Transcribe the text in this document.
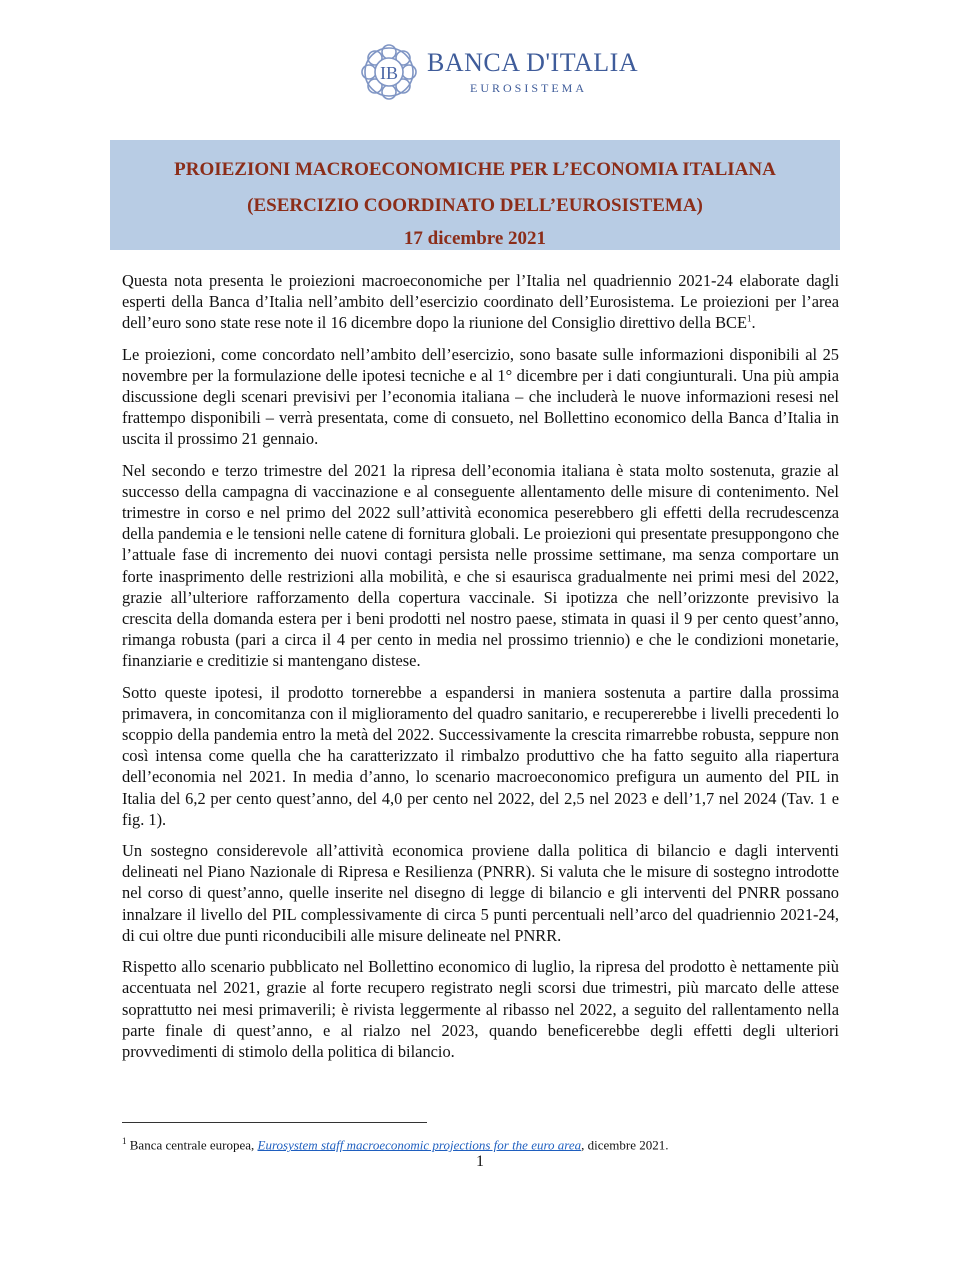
IB BANCA D'ITALIA
EUROSISTEMA
PROIEZIONI MACROECONOMICHE PER L’ECONOMIA ITALIANA
(ESERCIZIO COORDINATO DELL’EUROSISTEMA)
17 dicembre 2021

Questa nota presenta le proiezioni macroeconomiche per l’Italia nel quadriennio 2021-24 elaborate dagli esperti della Banca d’Italia nell’ambito dell’esercizio coordinato dell’Eurosistema. Le proiezioni per l’area dell’euro sono state rese note il 16 dicembre dopo la riunione del Consiglio direttivo della BCE$^1$.

Le proiezioni, come concordato nell’ambito dell’esercizio, sono basate sulle informazioni disponibili al 25 novembre per la formulazione delle ipotesi tecniche e al 1° dicembre per i dati congiunturali. Una più ampia discussione degli scenari previsivi per l’economia italiana – che includerà le nuove informazioni resesi nel frattempo disponibili – verrà presentata, come di consueto, nel Bollettino economico della Banca d’Italia in uscita il prossimo 21 gennaio.

Nel secondo e terzo trimestre del 2021 la ripresa dell’economia italiana è stata molto sostenuta, grazie al successo della campagna di vaccinazione e al conseguente allentamento delle misure di contenimento. Nel trimestre in corso e nel primo del 2022 sull’attività economica peserebbero gli effetti della recrudescenza della pandemia e le tensioni nelle catene di fornitura globali. Le proiezioni qui presentate presuppongono che l’attuale fase di incremento dei nuovi contagi persista nelle prossime settimane, ma senza comportare un forte inasprimento delle restrizioni alla mobilità, e che si esaurisca gradualmente nei primi mesi del 2022, grazie all’ulteriore rafforzamento della copertura vaccinale. Si ipotizza che nell’orizzonte previsivo la crescita della domanda estera per i beni prodotti nel nostro paese, stimata in quasi il 9 per cento quest’anno, rimanga robusta (pari a circa il 4 per cento in media nel prossimo triennio) e che le condizioni monetarie, finanziarie e creditizie si mantengano distese.

Sotto queste ipotesi, il prodotto tornerebbe a espandersi in maniera sostenuta a partire dalla prossima primavera, in concomitanza con il miglioramento del quadro sanitario, e recupererebbe i livelli precedenti lo scoppio della pandemia entro la metà del 2022. Successivamente la crescita rimarrebbe robusta, seppure non così intensa come quella che ha caratterizzato il rimbalzo produttivo che ha fatto seguito alla riapertura dell’economia nel 2021. In media d’anno, lo scenario macroeconomico prefigura un aumento del PIL in Italia del 6,2 per cento quest’anno, del 4,0 per cento nel 2022, del 2,5 nel 2023 e dell’1,7 nel 2024 (Tav. 1 e fig. 1).

Un sostegno considerevole all’attività economica proviene dalla politica di bilancio e dagli interventi delineati nel Piano Nazionale di Ripresa e Resilienza (PNRR). Si valuta che le misure di sostegno introdotte nel corso di quest’anno, quelle inserite nel disegno di legge di bilancio e gli interventi del PNRR possano innalzare il livello del PIL complessivamente di circa 5 punti percentuali nell’arco del quadriennio 2021-24, di cui oltre due punti riconducibili alle misure delineate nel PNRR.

Rispetto allo scenario pubblicato nel Bollettino economico di luglio, la ripresa del prodotto è nettamente più accentuata nel 2021, grazie al forte recupero registrato negli scorsi due trimestri, più marcato delle attese soprattutto nei mesi primaverili; è rivista leggermente al ribasso nel 2022, a seguito del rallentamento nella parte finale di quest’anno, e al rialzo nel 2023, quando beneficerebbe degli effetti degli ulteriori provvedimenti di stimolo della politica di bilancio.

$^1$ Banca centrale europea, Eurosystem staff macroeconomic projections for the euro area, dicembre 2021.
1
